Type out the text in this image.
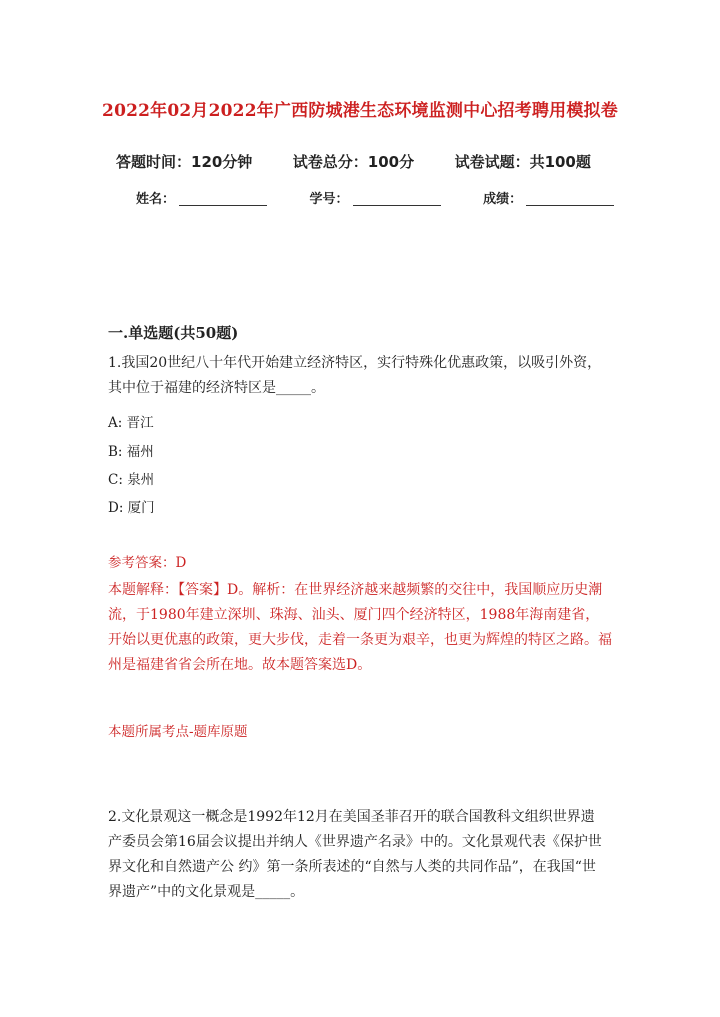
2022年02月2022年广西防城港生态环境监测中心招考聘用模拟卷
答题时间：120分钟	试卷总分：100分	试卷试题：共100题
姓名：	学号：	成绩：
一.单选题(共50题)
1.我国20世纪八十年代开始建立经济特区，实行特殊化优惠政策，以吸引外资，其中位于福建的经济特区是_____。
A: 晋江
B: 福州
C: 泉州
D: 厦门
参考答案：D
本题解释：【答案】D。解析：在世界经济越来越频繁的交往中，我国顺应历史潮流，于1980年建立深圳、珠海、汕头、厦门四个经济特区，1988年海南建省，开始以更优惠的政策，更大步伐，走着一条更为艰辛，也更为辉煌的特区之路。福州是福建省省会所在地。故本题答案选D。
本题所属考点-题库原题
2.文化景观这一概念是1992年12月在美国圣菲召开的联合国教科文组织世界遗产委员会第16届会议提出并纳人《世界遗产名录》中的。文化景观代表《保护世界文化和自然遗产公 约》第一条所表述的“自然与人类的共同作品”，在我国“世界遗产”中的文化景观是_____。
